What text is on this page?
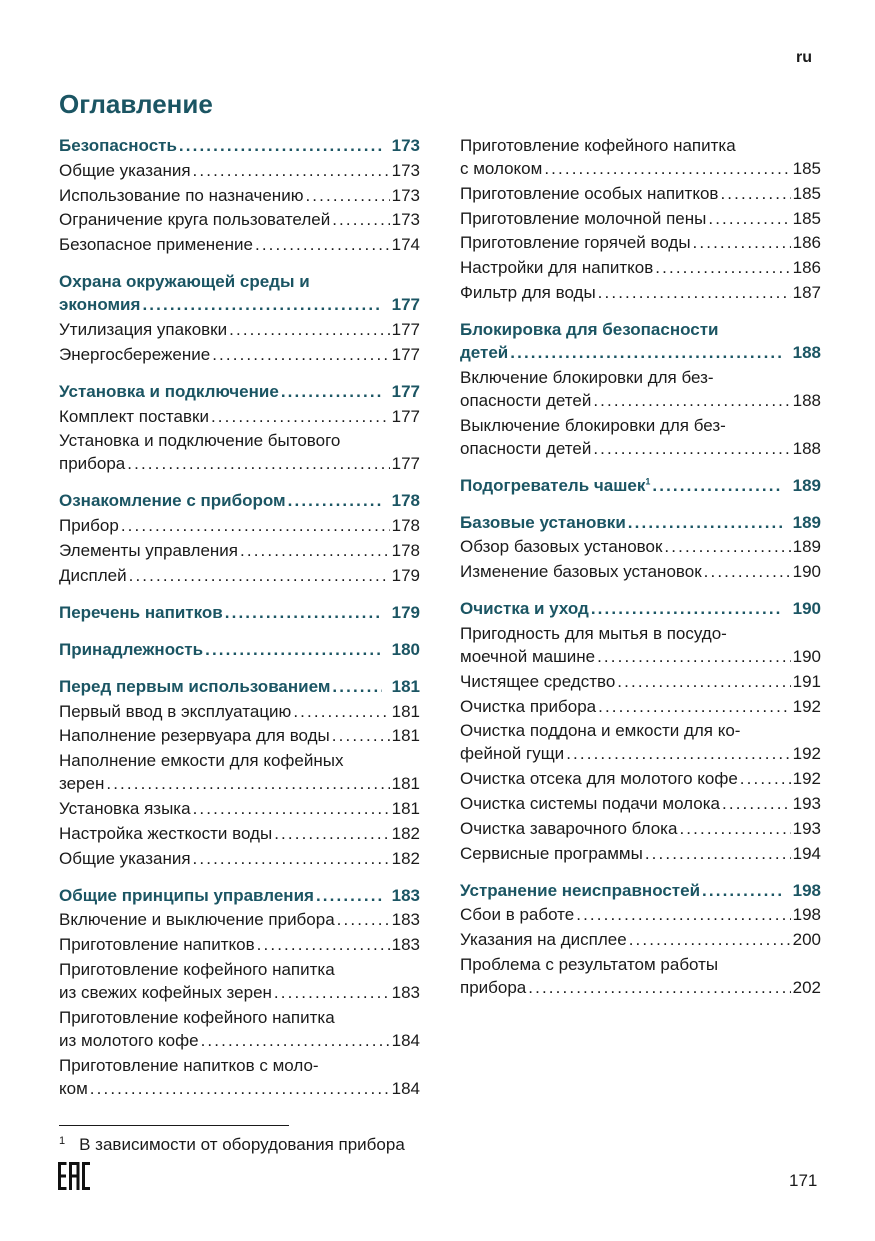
ru
Оглавление
Безопасность . . .	173
Общие указания . . .	173
Использование по назначению . . .	173
Ограничение круга пользователей . . .	173
Безопасное применение . . .	174
Охрана окружающей среды и
экономия . . .	177
Утилизация упаковки . . .	177
Энергосбережение . . .	177
Установка и подключение . . .	177
Комплект поставки . . .	177
Установка и подключение бытового
прибора . . .	177
Ознакомление с прибором . . .	178
Прибор . . .	178
Элементы управления . . .	178
Дисплей . . .	179
Перечень напитков . . .	179
Принадлежность . . .	180
Перед первым использованием . . .	181
Первый ввод в эксплуатацию . . .	181
Наполнение резервуара для воды . . .	181
Наполнение емкости для кофейных
зерен . . .	181
Установка языка . . .	181
Настройка жесткости воды . . .	182
Общие указания . . .	182
Общие принципы управления . . .	183
Включение и выключение прибора . . .	183
Приготовление напитков . . .	183
Приготовление кофейного напитка
из свежих кофейных зерен . . .	183
Приготовление кофейного напитка
из молотого кофе . . .	184
Приготовление напитков с моло-
ком . . .	184
Приготовление кофейного напитка
с молоком . . .	185
Приготовление особых напитков . . .	185
Приготовление молочной пены . . .	185
Приготовление горячей воды . . .	186
Настройки для напитков . . .	186
Фильтр для воды . . .	187
Блокировка для безопасности
детей . . .	188
Включение блокировки для без-
опасности детей . . .	188
Выключение блокировки для без-
опасности детей . . .	188
Подогреватель чашек$^1$ . . .	189
Базовые установки . . .	189
Обзор базовых установок . . .	189
Изменение базовых установок . . .	190
Очистка и уход . . .	190
Пригодность для мытья в посудо-
моечной машине . . .	190
Чистящее средство . . .	191
Очистка прибора . . .	192
Очистка поддона и емкости для ко-
фейной гущи . . .	192
Очистка отсека для молотого кофе . . .	192
Очистка системы подачи молока . . .	193
Очистка заварочного блока . . .	193
Сервисные программы . . .	194
Устранение неисправностей . . .	198
Сбои в работе . . .	198
Указания на дисплее . . .	200
Проблема с результатом работы
прибора . . .	202
$^1$ В зависимости от оборудования прибора
171
